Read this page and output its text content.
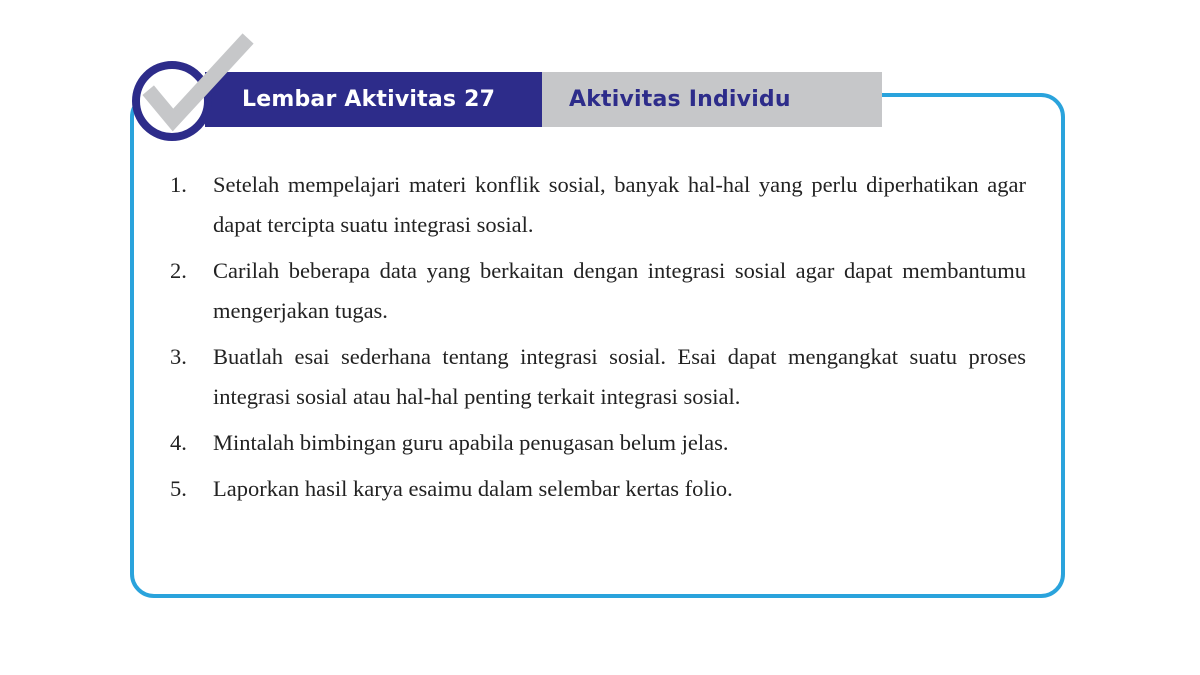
Lembar Aktivitas 27	Aktivitas Individu
1.	Setelah mempelajari materi konflik sosial, banyak hal-hal yang perlu diperhatikan agar dapat tercipta suatu integrasi sosial.
2.	Carilah beberapa data yang berkaitan dengan integrasi sosial agar dapat membantumu mengerjakan tugas.
3.	Buatlah esai sederhana tentang integrasi sosial. Esai dapat mengangkat suatu proses integrasi sosial atau hal-hal penting terkait integrasi sosial.
4.	Mintalah bimbingan guru apabila penugasan belum jelas.
5.	Laporkan hasil karya esaimu dalam selembar kertas folio.
